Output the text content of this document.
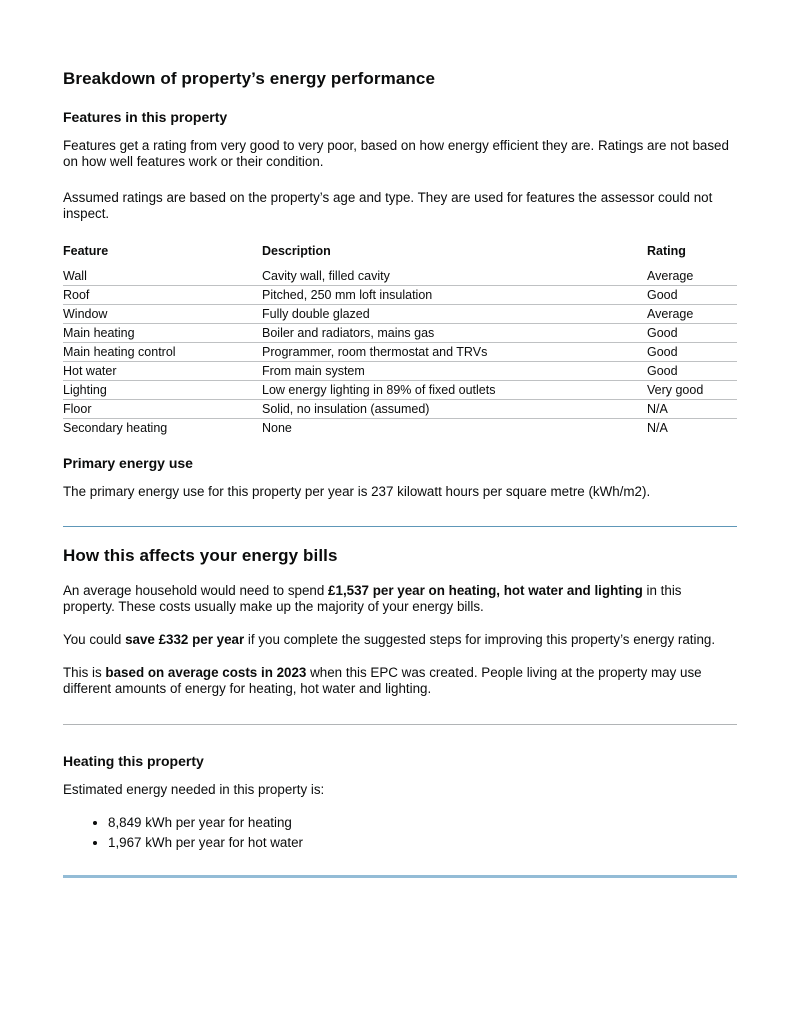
Breakdown of property’s energy performance
Features in this property

Features get a rating from very good to very poor, based on how energy efficient they are. Ratings are not based on how well features work or their condition.

Assumed ratings are based on the property’s age and type. They are used for features the assessor could not inspect.

Feature	Description	Rating
Wall	Cavity wall, filled cavity	Average
Roof	Pitched, 250 mm loft insulation	Good
Window	Fully double glazed	Average
Main heating	Boiler and radiators, mains gas	Good
Main heating control	Programmer, room thermostat and TRVs	Good
Hot water	From main system	Good
Lighting	Low energy lighting in 89% of fixed outlets	Very good
Floor	Solid, no insulation (assumed)	N/A
Secondary heating	None	N/A
Primary energy use

The primary energy use for this property per year is 237 kilowatt hours per square metre (kWh/m2).

How this affects your energy bills

An average household would need to spend £1,537 per year on heating, hot water and lighting in this property. These costs usually make up the majority of your energy bills.

You could save £332 per year if you complete the suggested steps for improving this property’s energy rating.

This is based on average costs in 2023 when this EPC was created. People living at the property may use different amounts of energy for heating, hot water and lighting.

Heating this property

Estimated energy needed in this property is:

• 8,849 kWh per year for heating
• 1,967 kWh per year for hot water
